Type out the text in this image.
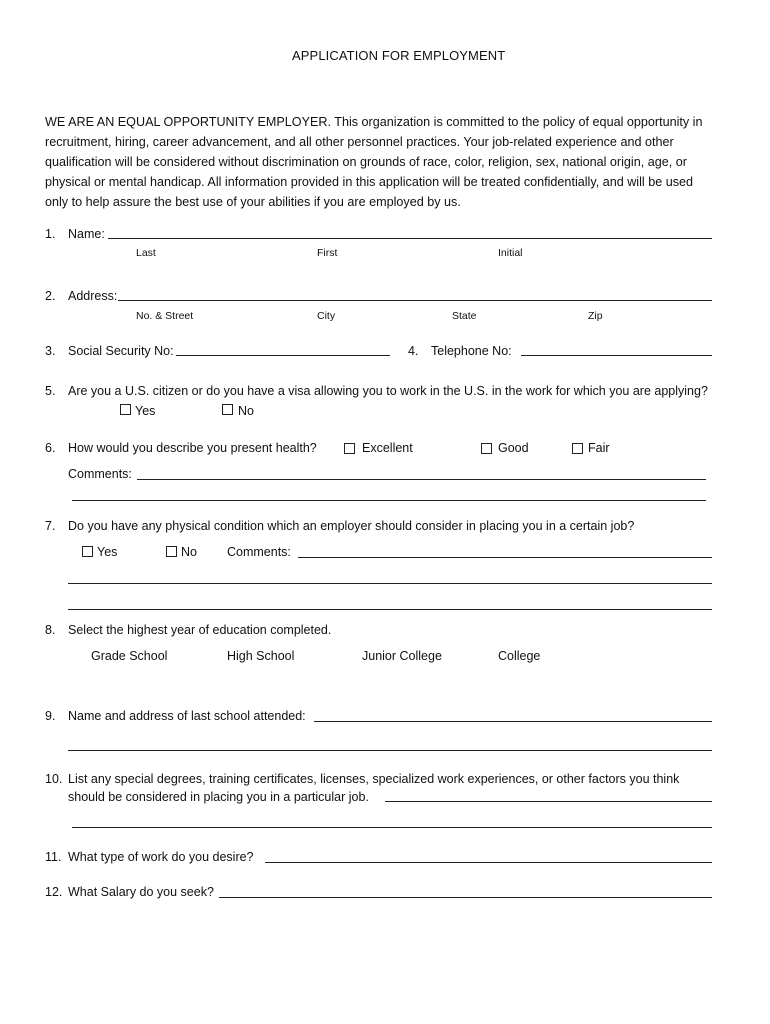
APPLICATION FOR EMPLOYMENT
WE ARE AN EQUAL OPPORTUNITY EMPLOYER. This organization is committed to the policy of equal opportunity in
recruitment, hiring, career advancement, and all other personnel practices. Your job-related experience and other
qualification will be considered without discrimination on grounds of race, color, religion, sex, national origin, age, or
physical or mental handicap. All information provided in this application will be treated confidentially, and will be used
only to help assure the best use of your abilities if you are employed by us.
1. Name:
Last	First	Initial
2. Address:
No. & Street	City	State	Zip
3. Social Security No:	4. Telephone No:
5. Are you a U.S. citizen or do you have a visa allowing you to work in the U.S. in the work for which you are applying?
Yes	No
6. How would you describe you present health?	Excellent	Good	Fair
Comments:
7. Do you have any physical condition which an employer should consider in placing you in a certain job?
Yes	No Comments:
8. Select the highest year of education completed.
Grade School	High School	Junior College	College
9. Name and address of last school attended:
10. List any special degrees, training certificates, licenses, specialized work experiences, or other factors you think
should be considered in placing you in a particular job.
11. What type of work do you desire?
12. What Salary do you seek?
